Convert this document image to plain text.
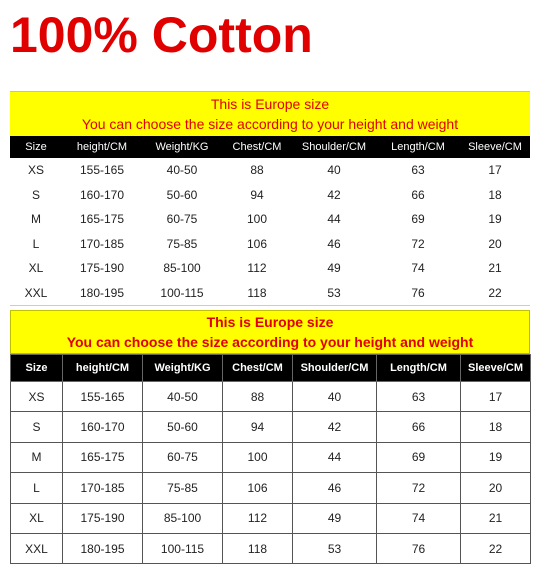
100% Cotton
This is Europe size
You can choose the size according to your height and weight
Size	height/CM	Weight/KG	Chest/CM	Shoulder/CM	Length/CM	Sleeve/CM
XS	155-165	40-50	88	40	63	17
S	160-170	50-60	94	42	66	18
M	165-175	60-75	100	44	69	19
L	170-185	75-85	106	46	72	20
XL	175-190	85-100	112	49	74	21
XXL	180-195	100-115	118	53	76	22
This is Europe size
You can choose the size according to your height and weight
Size	height/CM	Weight/KG	Chest/CM	Shoulder/CM	Length/CM	Sleeve/CM
XS	155-165	40-50	88	40	63	17
S	160-170	50-60	94	42	66	18
M	165-175	60-75	100	44	69	19
L	170-185	75-85	106	46	72	20
XL	175-190	85-100	112	49	74	21
XXL	180-195	100-115	118	53	76	22
